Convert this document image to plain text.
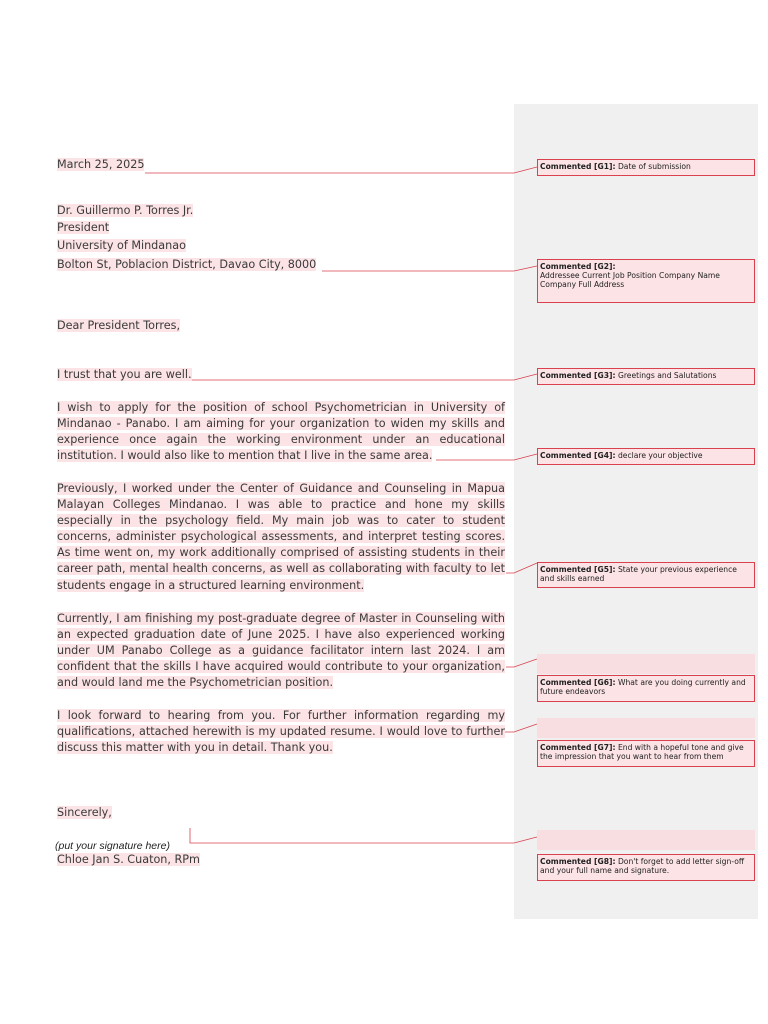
March 25, 2025
Dr. Guillermo P. Torres Jr.
President
University of Mindanao
Bolton St, Poblacion District, Davao City, 8000
Dear President Torres,
I trust that you are well.
I wish to apply for the position of school Psychometrician in University of Mindanao - Panabo. I am aiming for your organization to widen my skills and experience once again the working environment under an educational institution. I would also like to mention that I live in the same area.
Previously, I worked under the Center of Guidance and Counseling in Mapua Malayan Colleges Mindanao. I was able to practice and hone my skills especially in the psychology field. My main job was to cater to student concerns, administer psychological assessments, and interpret testing scores. As time went on, my work additionally comprised of assisting students in their career path, mental health concerns, as well as collaborating with faculty to let students engage in a structured learning environment.
Currently, I am finishing my post-graduate degree of Master in Counseling with an expected graduation date of June 2025. I have also experienced working under UM Panabo College as a guidance facilitator intern last 2024. I am confident that the skills I have acquired would contribute to your organization, and would land me the Psychometrician position.
I look forward to hearing from you. For further information regarding my qualifications, attached herewith is my updated resume. I would love to further discuss this matter with you in detail. Thank you.
Sincerely,
(put your signature here)
Chloe Jan S. Cuaton, RPm
Commented [G1]: Date of submission
Commented [G2]:
Addressee Current Job Position Company Name Company Full Address
Commented [G3]: Greetings and Salutations
Commented [G4]: declare your objective
Commented [G5]: State your previous experience and skills earned
Commented [G6]: What are you doing currently and future endeavors
Commented [G7]: End with a hopeful tone and give the impression that you want to hear from them
Commented [G8]: Don't forget to add letter sign-off and your full name and signature.
